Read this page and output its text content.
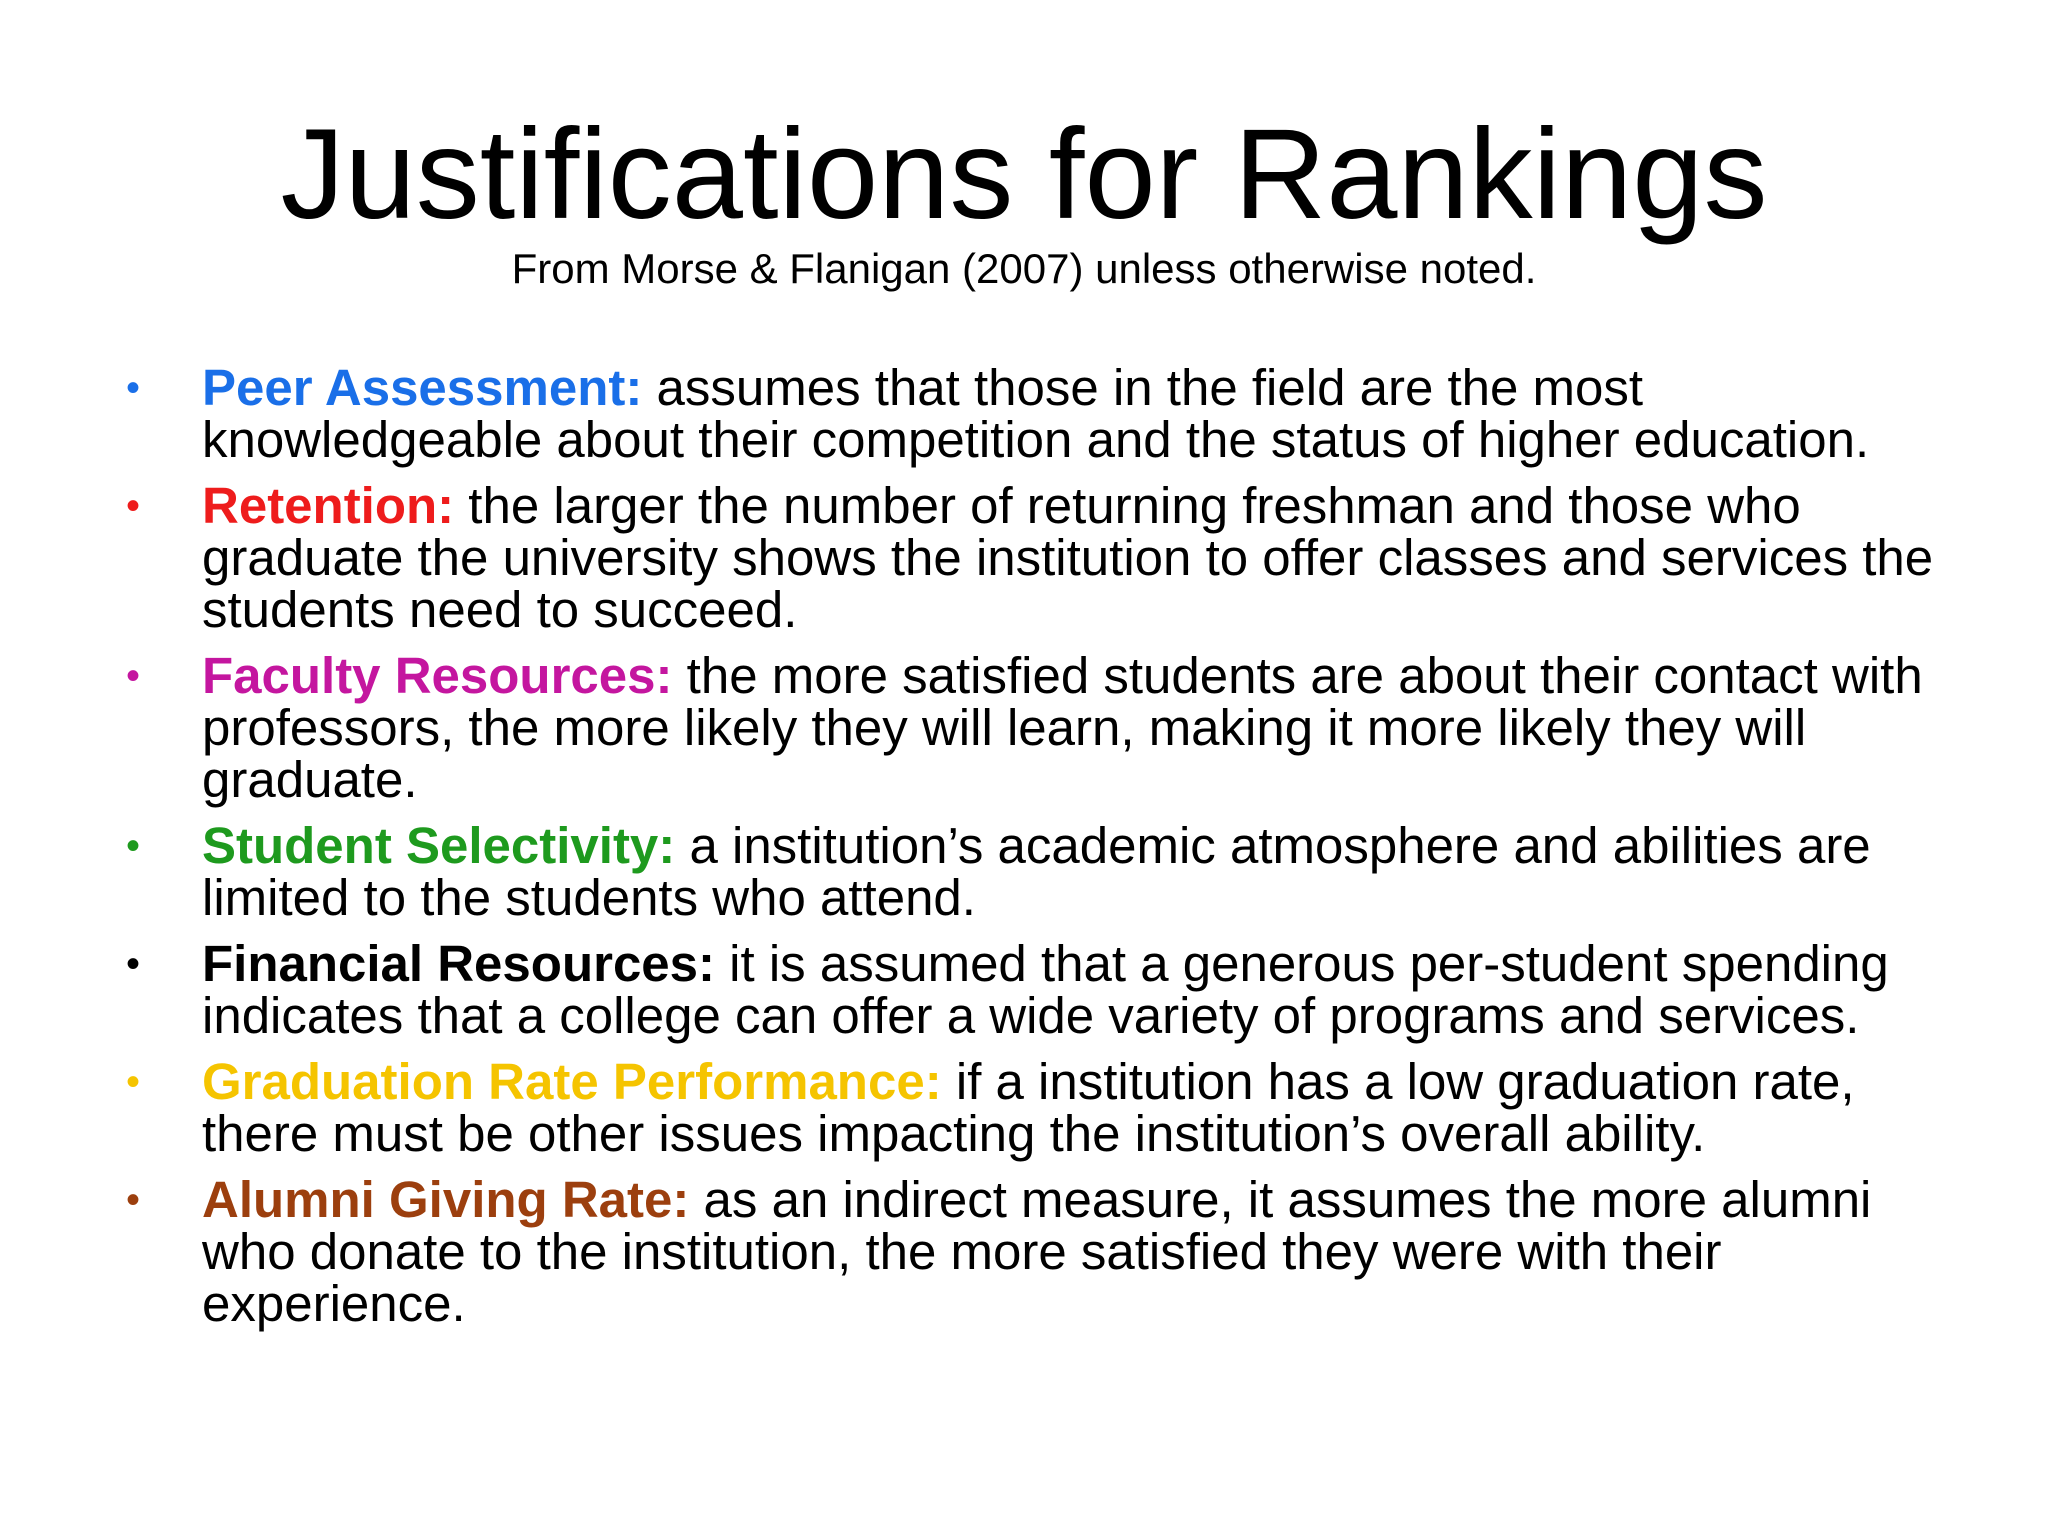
Justifications for Rankings

From Morse & Flanigan (2007) unless otherwise noted.

• Peer Assessment: assumes that those in the field are the most knowledgeable about their competition and the status of higher education.
• Retention: the larger the number of returning freshman and those who graduate the university shows the institution to offer classes and services the students need to succeed.
• Faculty Resources: the more satisfied students are about their contact with professors, the more likely they will learn, making it more likely they will graduate.
• Student Selectivity: a institution’s academic atmosphere and abilities are limited to the students who attend.
• Financial Resources: it is assumed that a generous per-student spending indicates that a college can offer a wide variety of programs and services.
• Graduation Rate Performance: if a institution has a low graduation rate, there must be other issues impacting the institution’s overall ability.
• Alumni Giving Rate: as an indirect measure, it assumes the more alumni who donate to the institution, the more satisfied they were with their experience.
